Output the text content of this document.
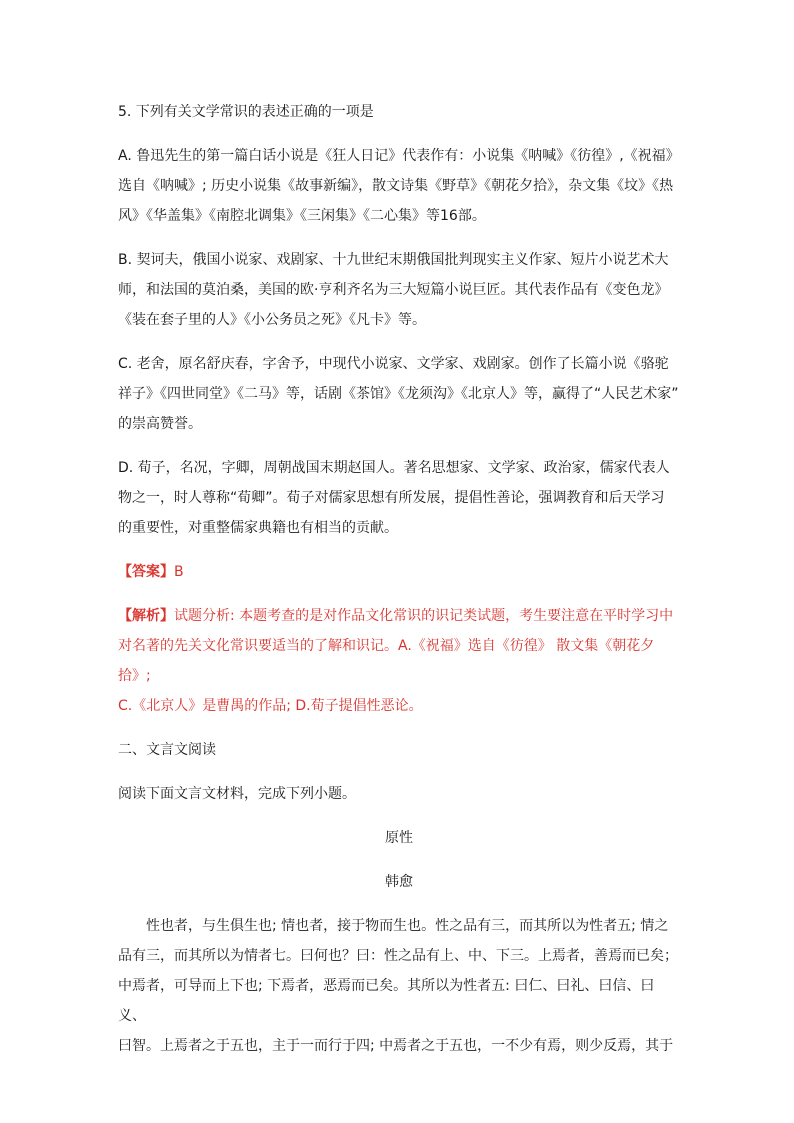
5. 下列有关文学常识的表述正确的一项是

A. 鲁迅先生的第一篇白话小说是《狂人日记》代表作有：小说集《呐喊》《彷徨》,《祝福》

选自《呐喊》; 历史小说集《故事新编》，散文诗集《野草》《朝花夕拾》，杂文集《坟》《热

风》《华盖集》《南腔北调集》《三闲集》《二心集》等16部。

B. 契诃夫，俄国小说家、戏剧家、十九世纪末期俄国批判现实主义作家、短片小说艺术大

师，和法国的莫泊桑，美国的欧·亨利齐名为三大短篇小说巨匠。其代表作品有《变色龙》

《装在套子里的人》《小公务员之死》《凡卡》等。

C. 老舍，原名舒庆春，字舍予，中现代小说家、文学家、戏剧家。创作了长篇小说《骆驼

祥子》《四世同堂》《二马》等，话剧《茶馆》《龙须沟》《北京人》等，赢得了“人民艺术家”

的崇高赞誉。

D. 荀子，名况，字卿，周朝战国末期赵国人。著名思想家、文学家、政治家，儒家代表人

物之一，时人尊称“荀卿”。荀子对儒家思想有所发展，提倡性善论，强调教育和后天学习

的重要性，对重整儒家典籍也有相当的贡献。

【答案】B

【解析】试题分析: 本题考查的是对作品文化常识的识记类试题，考生要注意在平时学习中

对名著的先关文化常识要适当的了解和识记。A.《祝福》选自《彷徨》 散文集《朝花夕拾》;

C.《北京人》是曹禺的作品; D.荀子提倡性恶论。

二、文言文阅读

阅读下面文言文材料，完成下列小题。

原性

韩愈

性也者，与生俱生也; 情也者，接于物而生也。性之品有三，而其所以为性者五; 情之

品有三，而其所以为情者七。曰何也？曰：性之品有上、中、下三。上焉者，善焉而已矣；

中焉者，可导而上下也; 下焉者，恶焉而已矣。其所以为性者五: 曰仁、曰礼、曰信、曰义、

曰智。上焉者之于五也，主于一而行于四; 中焉者之于五也，一不少有焉，则少反焉，其于
